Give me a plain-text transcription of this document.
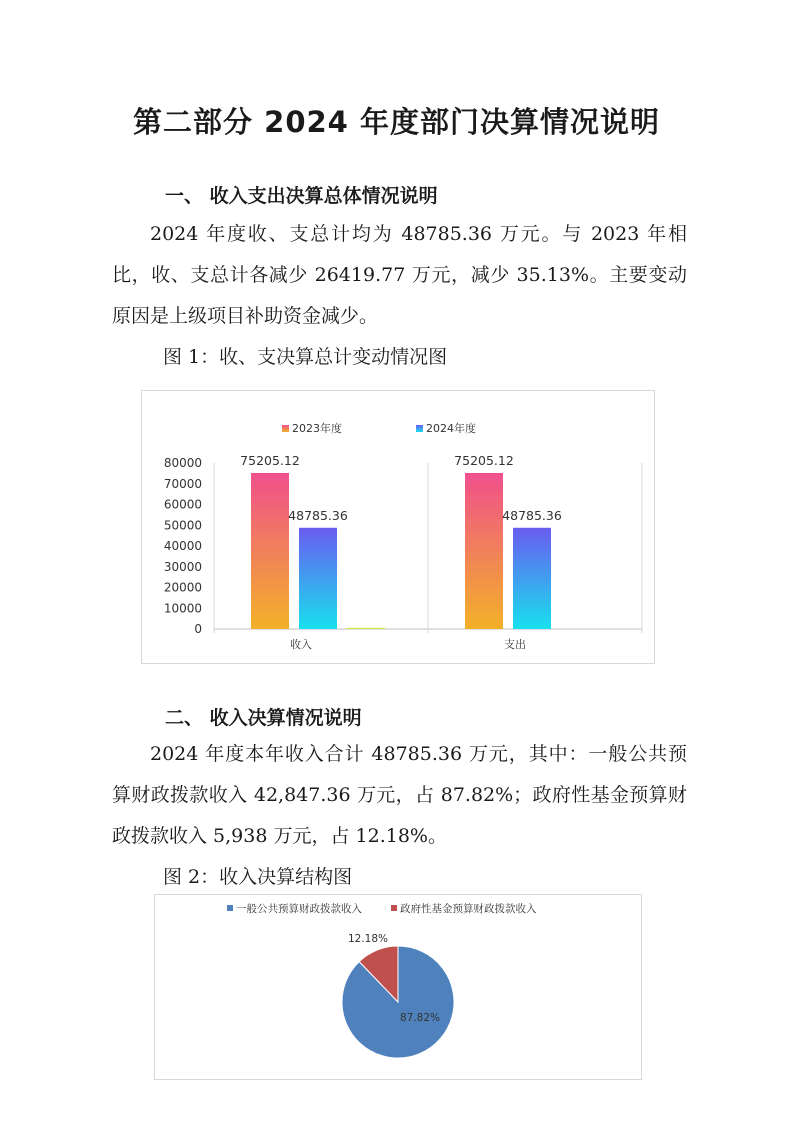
第二部分 2024 年度部门决算情况说明
一、 收入支出决算总体情况说明
2024 年度收、支总计均为 48785.36 万元。与 2023 年相比，收、支总计各减少 26419.77 万元，减少 35.13%。主要变动原因是上级项目补助资金减少。
图 1：收、支决算总计变动情况图
0
10000
20000
30000
40000
50000
60000
70000
80000	75205.12
48785.36
收入
75205.12
48785.36
支出
2023年度	2024年度
二、 收入决算情况说明
2024 年度本年收入合计 48785.36 万元，其中：一般公共预算财政拨款收入 42,847.36 万元，占 87.82%；政府性基金预算财政拨款收入 5,938 万元，占 12.18%。
图 2：收入决算结构图
一般公共预算财政拨款收入	政府性基金预算财政拨款收入
87.82%
12.18%
